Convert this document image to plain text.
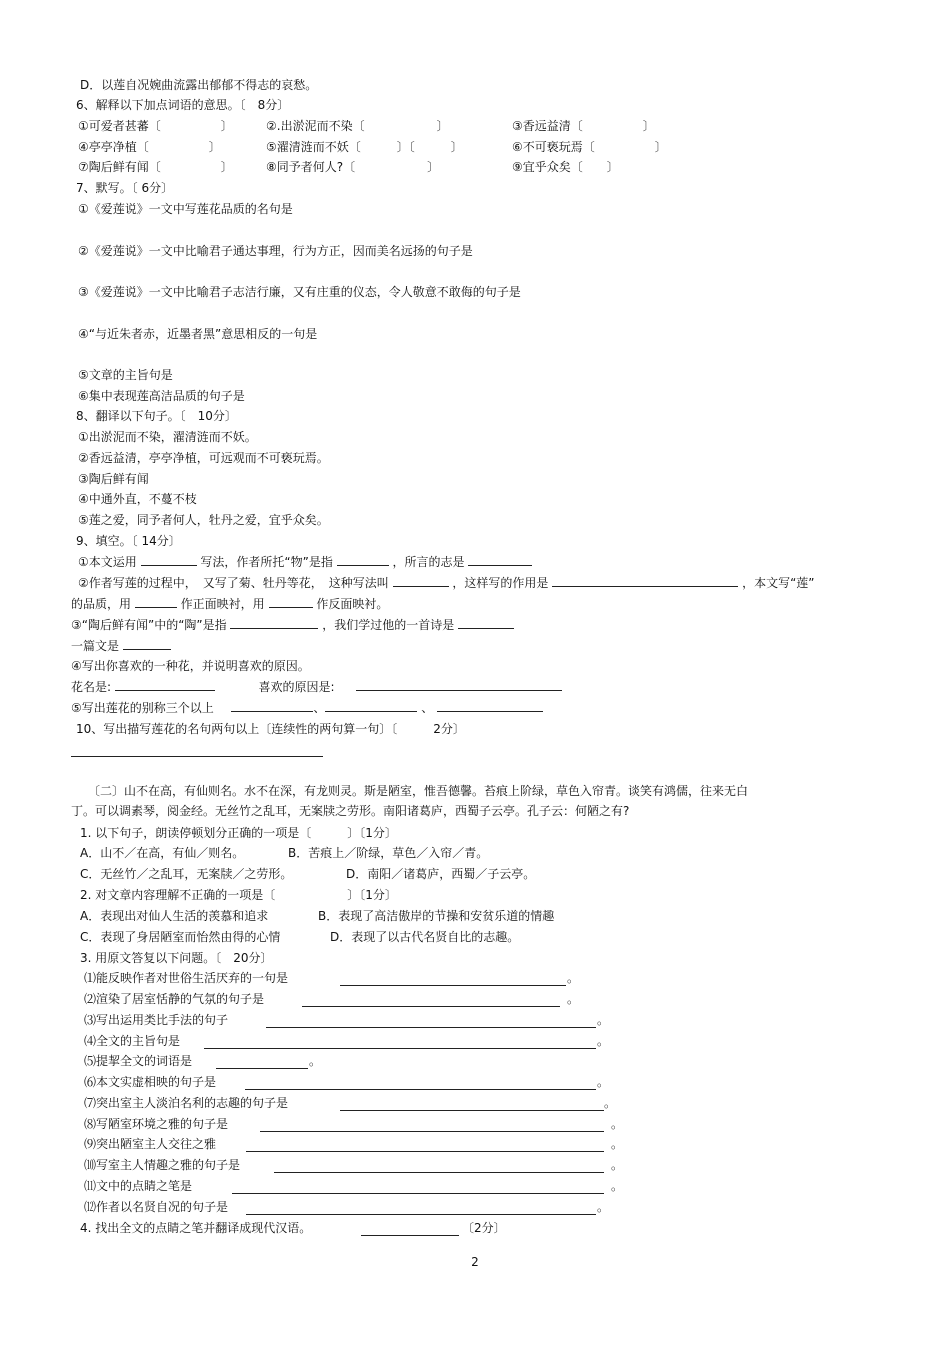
D．以莲自况婉曲流露出郁郁不得志的哀愁。
6、解释以下加点词语的意思。〔　8分〕
①可爱者甚蕃〔　　　　　〕	②.出淤泥而不染〔　　　　　　〕	③香远益清〔　　　　　〕
④亭亭净植〔　　　　　〕	⑤濯清涟而不妖〔　　　〕〔　　　〕	⑥不可亵玩焉〔　　　　　〕
⑦陶后鲜有闻〔　　　　　〕	⑧同予者何人?〔　　　　　　〕	⑨宜乎众矣〔　　〕
7、默写。〔 6分〕
①《爱莲说》一文中写莲花品质的名句是
②《爱莲说》一文中比喻君子通达事理，行为方正，因而美名远扬的句子是
③《爱莲说》一文中比喻君子志洁行廉，又有庄重的仪态，令人敬意不敢侮的句子是
④“与近朱者赤，近墨者黑”意思相反的一句是
⑤文章的主旨句是
⑥集中表现莲高洁品质的句子是
8、翻译以下句子。〔　10分〕
①出淤泥而不染，濯清涟而不妖。
②香远益清，亭亭净植，可远观而不可亵玩焉。
③陶后鲜有闻
④中通外直，不蔓不枝
⑤莲之爱，同予者何人，牡丹之爱，宜乎众矣。
9、填空。〔 14分〕
①本文运用	写法，作者所托“物”是指	，所言的志是
②作者写莲的过程中，　又写了菊、牡丹等花，　这种写法叫	，这样写的作用是	，本文写“莲”
的品质，用	作正面映衬，用	作反面映衬。
③“陶后鲜有闻”中的“陶”是指	，我们学过他的一首诗是
一篇文是
④写出你喜欢的一种花，并说明喜欢的原因。
花名是:	喜欢的原因是:
⑤写出莲花的别称三个以上	、	、
10、写出描写莲花的名句两句以上〔连续性的两句算一句〕〔　　　2分〕
〔二〕山不在高，有仙则名。水不在深，有龙则灵。斯是陋室，惟吾德馨。苔痕上阶绿，草色入帘青。谈笑有鸿儒，往来无白
丁。可以调素琴，阅金经。无丝竹之乱耳，无案牍之劳形。南阳诸葛庐，西蜀子云亭。孔子云：何陋之有?
1. 以下句子，朗读停顿划分正确的一项是〔　　　〕〔1分〕
A．山不／在高，有仙／则名。	B．苦痕上／阶绿，草色／入帘／青。
C．无丝竹／之乱耳，无案牍／之劳形。	D．南阳／诸葛庐，西蜀／子云亭。
2. 对文章内容理解不正确的一项是〔　　　　　　〕〔1分〕
A．表现出对仙人生活的羡慕和追求	B．表现了高洁傲岸的节操和安贫乐道的情趣
C．表现了身居陋室而怡然由得的心情	D．表现了以古代名贤自比的志趣。
3. 用原文答复以下问题。〔　20分〕
⑴能反映作者对世俗生活厌弃的一句是	。
⑵渲染了居室恬静的气氛的句子是	。
⑶写出运用类比手法的句子	。
⑷全文的主旨句是	。
⑸提挈全文的词语是	。
⑹本文实虚相映的句子是	。
⑺突出室主人淡泊名利的志趣的句子是	。
⑻写陋室环境之雅的句子是	。
⑼突出陋室主人交往之雅	。
⑽写室主人情趣之雅的句子是	。
⑾文中的点睛之笔是	。
⑿作者以名贤自况的句子是	。
4. 找出全文的点睛之笔并翻译成现代汉语。	〔2分〕
2
